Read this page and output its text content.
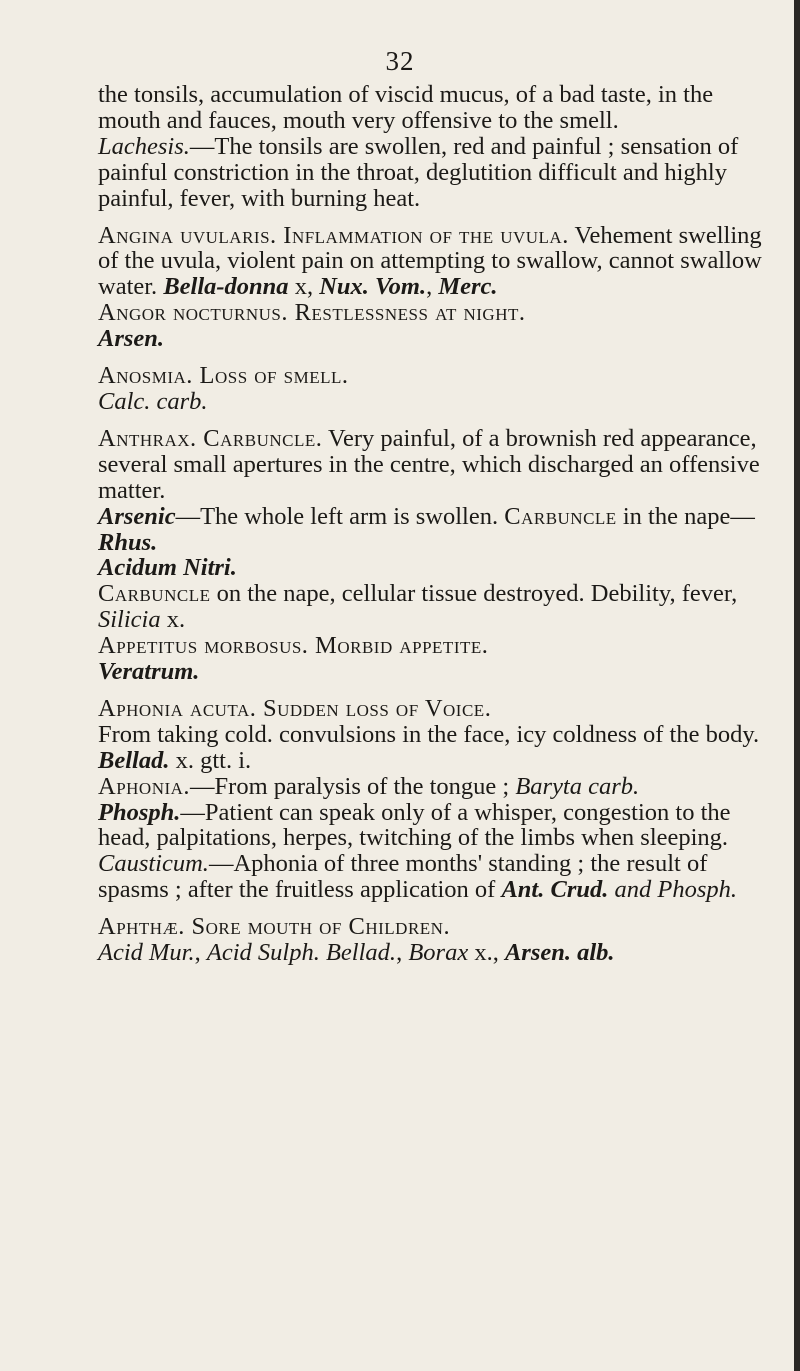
32

the tonsils, accumulation of viscid mucus, of a bad taste, in the mouth and fauces, mouth very offensive to the smell.

Lachesis.—The tonsils are swollen, red and painful ; sensation of painful constriction in the throat, deglutition difficult and highly painful, fever, with burning heat.

Angina uvularis. Inflammation of the uvula. Vehement swelling of the uvula, violent pain on attempting to swallow, cannot swallow water. Bella-donna x, Nux. Vom., Merc.

Angor nocturnus. Restlessness at night.

Arsen.

Anosmia. Loss of smell.

Calc. carb.

Anthrax. Carbuncle. Very painful, of a brownish red appearance, several small apertures in the centre, which discharged an offensive matter.

Arsenic—The whole left arm is swollen. Carbuncle in the nape—Rhus.

Acidum Nitri.

Carbuncle on the nape, cellular tissue destroyed. Debility, fever, Silicia x.

Appetitus morbosus. Morbid appetite.

Veratrum.

Aphonia acuta. Sudden loss of Voice.

From taking cold. convulsions in the face, icy coldness of the body. Bellad. x. gtt. i.

Aphonia.—From paralysis of the tongue ; Baryta carb.

Phosph.—Patient can speak only of a whisper, congestion to the head, palpitations, herpes, twitching of the limbs when sleeping.

Causticum.—Aphonia of three months' standing ; the result of spasms ; after the fruitless application of Ant. Crud. and Phosph.

Aphthæ. Sore mouth of Children.

Acid Mur., Acid Sulph. Bellad., Borax x., Arsen. alb.
